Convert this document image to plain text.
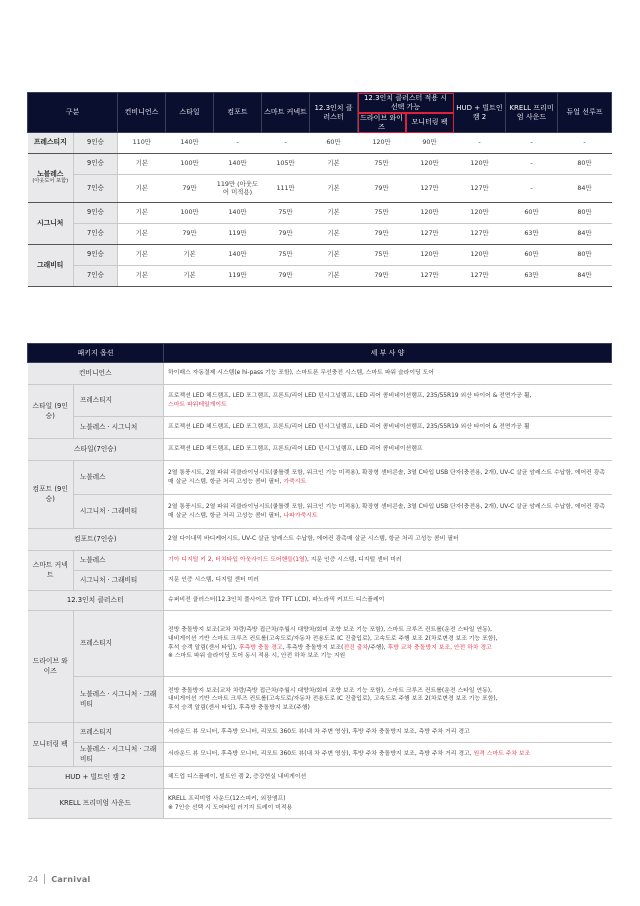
구분		컨비니언스	스타일	컴포트	스마트 커넥트	12.3인치 클러스터	12.3인치 클러스터 적용 시 선택 가능		HUD + 빌트인 캠 2	KRELL 프리미엄 사운드	듀얼 선루프
							드라이브 와이즈	모니터링 팩			
프레스티지	9인승	110만	140만	-	-	60만	120만	90만	-	-	-
노블레스
(아웃도어 포함)	9인승	기본	100만	140만	105만	기본	75만	120만	120만	-	80만
	7인승	기본	79만	119만 (아웃도어 미적용)	111만	기본	79만	127만	127만	-	84만
시그니처	9인승	기본	100만	140만	75만	기본	75만	120만	120만	60만	80만
	7인승	기본	79만	119만	79만	기본	79만	127만	127만	63만	84만
그래비티	9인승	기본	기본	140만	75만	기본	75만	120만	120만	60만	80만
	7인승	기본	기본	119만	79만	기본	79만	127만	127만	63만	84만
패키지 옵션		세 부 사 양
컨비니언스		하이패스 자동결제 시스템(e hi-pass 기능 포함), 스마트폰 무선충전 시스템, 스마트 파워 슬라이딩 도어
스타일 (9인승)	프레스티지	프로젝션 LED 헤드램프, LED 포그램프, 프론트/리어 LED 턴시그널램프, LED 리어 콤비네이션램프, 235/55R19 외산 타이어 & 전면가공 휠,
스마트 파워테일게이트
	노블레스 · 시그니처	프로젝션 LED 헤드램프, LED 포그램프, 프론트/리어 LED 턴시그널램프, LED 리어 콤비네이션램프, 235/55R19 외산 타이어 & 전면가공 휠
스타일(7인승)		프로젝션 LED 헤드램프, LED 포그램프, 프론트/리어 LED 턴시그널램프, LED 리어 콤비네이션램프
컴포트 (9인승)	노블레스	2열 통풍시트, 2열 파워 리클라이닝시트(쿨틀렛 포함, 워크인 기능 미적용), 확장형 센터콘솔, 3열 C타입 USB 단자(충전용, 2개), UV-C 살균 암레스트 수납함, 에어컨 광촉매 살균 시스템, 항균 처리 고성능 콤비 필터, 가죽시트
	시그니처 · 그래비티	2열 통풍시트, 2열 파워 리클라이닝시트(쿨틀렛 포함, 워크인 기능 미적용), 확장형 센터콘솔, 3열 C타입 USB 단자(충전용, 2개), UV-C 살균 암레스트 수납함, 에어컨 광촉매 살균 시스템, 항균 처리 고성능 콤비 필터, 나파가죽시트
컴포트(7인승)		2열 다이내믹 바디케어시트, UV-C 살균 암레스트 수납함, 에어컨 광촉매 살균 시스템, 항균 처리 고성능 콤비 필터
스마트 커넥트	노블레스	기아 디지털 키 2, 터치타입 아웃사이드 도어핸들(1열), 지문 인증 시스템, 디지털 센터 미러
	시그니처 · 그래비티	지문 인증 시스템, 디지털 센터 미러
12.3인치 클러스터		슈퍼비전 클러스터(12.3인치 풀사이즈 칼라 TFT LCD), 파노라믹 커브드 디스플레이
드라이브 와이즈	프레스티지	전방 충돌방지 보조(교차 차량/측방 접근차/추월시 대향차/회피 조향 보조 기능 포함), 스마트 크루즈 컨트롤(운전 스타일 연동),
내비게이션 기반 스마트 크루즈 컨트롤(고속도로/자동차 전용도로 IC 진출입로), 고속도로 주행 보조 2(차로변경 보조 기능 포함),
후석 승객 알림(센서 타입), 후측방 충돌 경고, 후측방 충돌방지 보조(전진 출차/주행), 후방 교차 충돌방지 보조, 안전 하차 경고
※ 스마트 파워 슬라이딩 도어 동시 적용 시, 안전 하차 보조 기능 지원
	노블레스 · 시그니처 · 그래비티	전방 충돌방지 보조(교차 차량/측방 접근차/추월시 대향차/회피 조향 보조 기능 포함), 스마트 크루즈 컨트롤(운전 스타일 연동),
내비게이션 기반 스마트 크루즈 컨트롤(고속도로/자동차 전용도로 IC 진출입로), 고속도로 주행 보조 2(차로변경 보조 기능 포함),
후석 승객 알림(센서 타입), 후측방 충돌방지 보조(주행)
모니터링 팩	프레스티지	서라운드 뷰 모니터, 후측방 모니터, 리모트 360도 뷰(내 차 주변 영상), 후방 주차 충돌방지 보조, 측방 주차 거리 경고
	노블레스 · 시그니처 · 그래비티	서라운드 뷰 모니터, 후측방 모니터, 리모트 360도 뷰(내 차 주변 영상), 후방 주차 충돌방지 보조, 측방 주차 거리 경고, 원격 스마트 주차 보조
HUD + 빌트인 캠 2		헤드업 디스플레이, 빌트인 캠 2, 증강현실 내비게이션
KRELL 프리미엄 사운드		KRELL 프리미엄 사운드(12스피커, 외장앰프)
※ 7인승 선택 시 도어타입 러기지 트레이 미적용
24 Carnival
